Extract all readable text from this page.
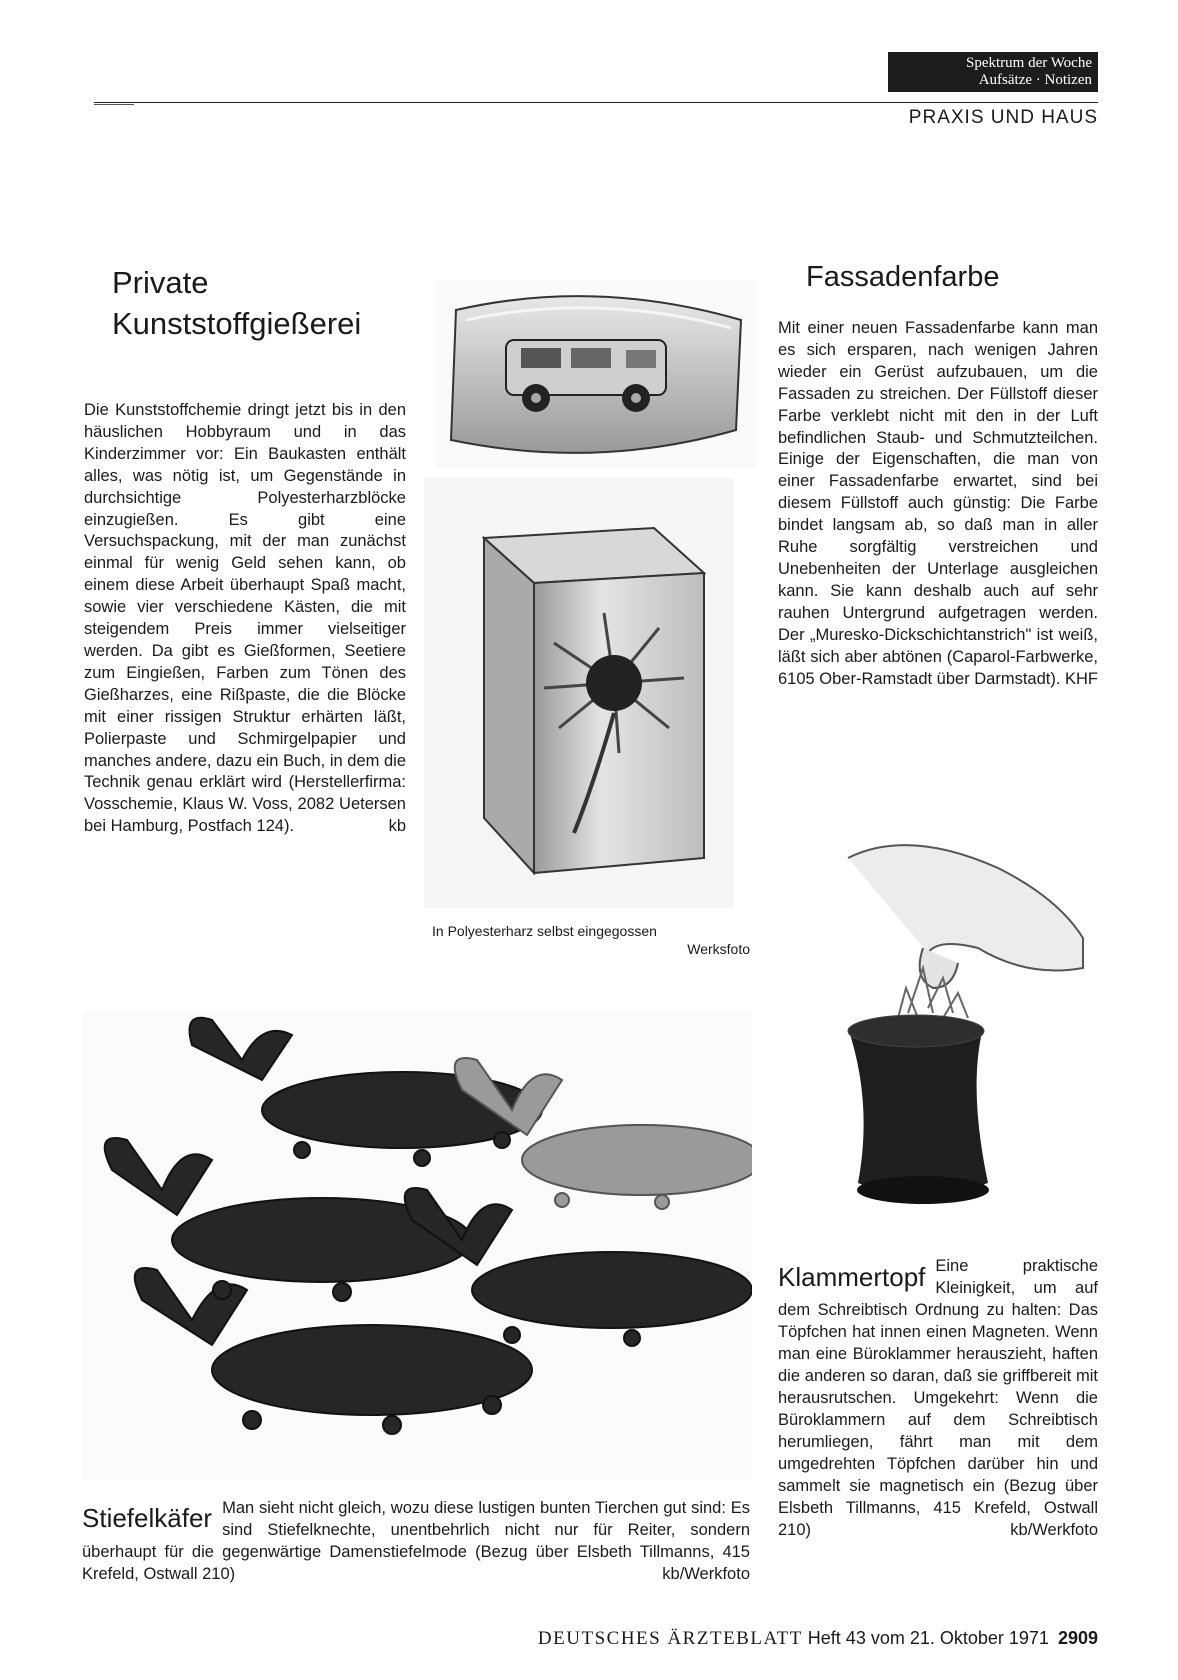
Spektrum der Woche
Aufsätze · Notizen
PRAXIS UND HAUS
Private
Kunststoffgießerei
Die Kunststoffchemie dringt jetzt bis in den häuslichen Hobbyraum und in das Kinderzimmer vor: Ein Baukasten enthält alles, was nötig ist, um Gegenstände in durchsichtige Polyesterharzblöcke einzugießen. Es gibt eine Versuchspackung, mit der man zunächst einmal für wenig Geld sehen kann, ob einem diese Arbeit überhaupt Spaß macht, sowie vier verschiedene Kästen, die mit steigendem Preis immer vielseitiger werden. Da gibt es Gießformen, Seetiere zum Eingießen, Farben zum Tönen des Gießharzes, eine Rißpaste, die die Blöcke mit einer rissigen Struktur erhärten läßt, Polierpaste und Schmirgelpapier und manches andere, dazu ein Buch, in dem die Technik genau erklärt wird (Herstellerfirma: Vosschemie, Klaus W. Voss, 2082 Uetersen bei Hamburg, Postfach 124).	kb
In Polyesterharz selbst eingegossen
Werksfoto
Fassadenfarbe
Mit einer neuen Fassadenfarbe kann man es sich ersparen, nach wenigen Jahren wieder ein Gerüst aufzubauen, um die Fassaden zu streichen. Der Füllstoff dieser Farbe verklebt nicht mit den in der Luft befindlichen Staub- und Schmutzteilchen. Einige der Eigenschaften, die man von einer Fassadenfarbe erwartet, sind bei diesem Füllstoff auch günstig: Die Farbe bindet langsam ab, so daß man in aller Ruhe sorgfältig verstreichen und Unebenheiten der Unterlage ausgleichen kann. Sie kann deshalb auch auf sehr rauhen Untergrund aufgetragen werden. Der „Muresko-Dickschichtanstrich" ist weiß, läßt sich aber abtönen (Caparol-Farbwerke, 6105 Ober-Ramstadt über Darmstadt). KHF
Stiefelkäfer Man sieht nicht gleich, wozu diese lustigen bunten Tierchen gut sind: Es sind Stiefelknechte, unentbehrlich nicht nur für Reiter, sondern überhaupt für die gegenwärtige Damenstiefelmode (Bezug über Elsbeth Tillmanns, 415 Krefeld, Ostwall 210)	kb/Werkfoto
Klammertopf Eine praktische Kleinigkeit, um auf dem Schreibtisch Ordnung zu halten: Das Töpfchen hat innen einen Magneten. Wenn man eine Büroklammer herauszieht, haften die anderen so daran, daß sie griffbereit mit herausrutschen. Umgekehrt: Wenn die Büroklammern auf dem Schreibtisch herumliegen, fährt man mit dem umgedrehten Töpfchen darüber hin und sammelt sie magnetisch ein (Bezug über Elsbeth Tillmanns, 415 Krefeld, Ostwall 210)	kb/Werkfoto
DEUTSCHES ÄRZTEBLATT Heft 43 vom 21. Oktober 1971 2909
